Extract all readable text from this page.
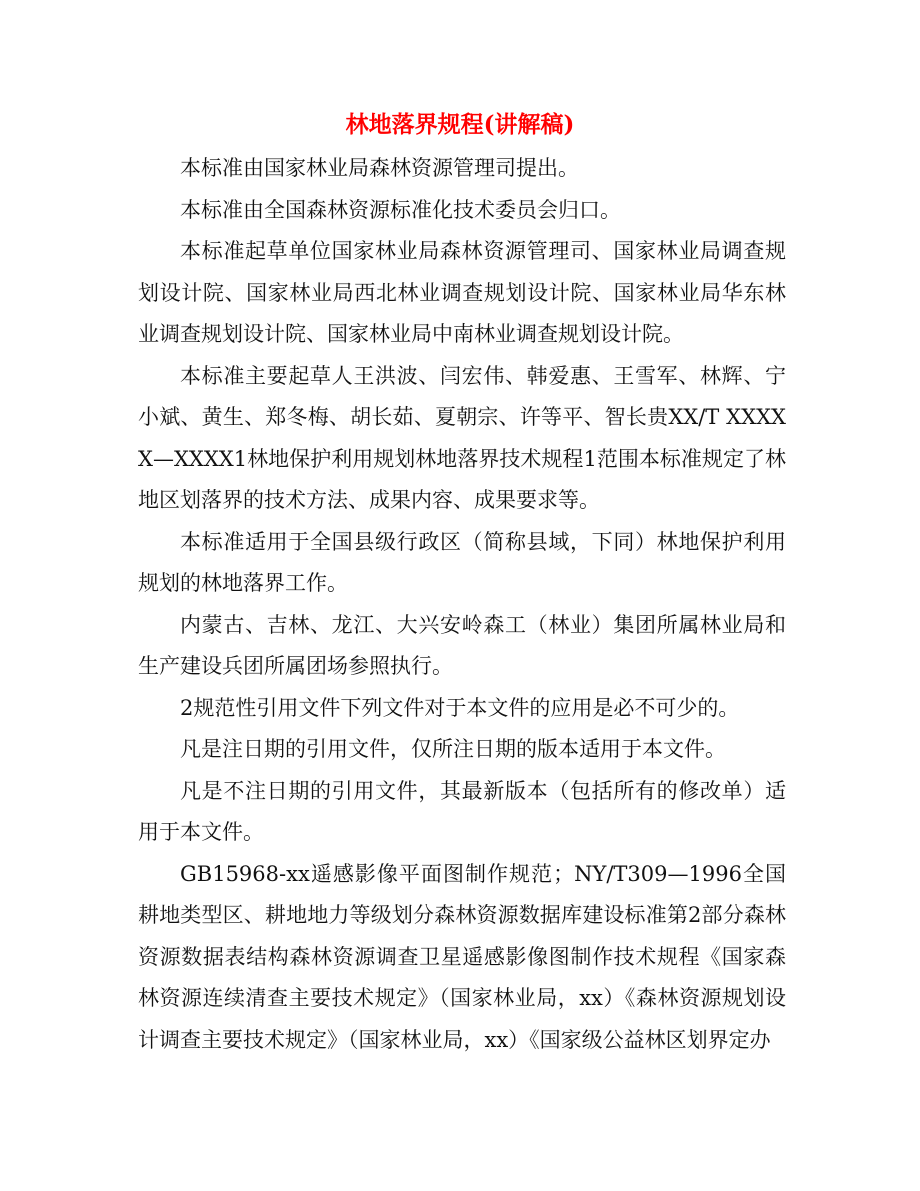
林地落界规程(讲解稿)

本标准由国家林业局森林资源管理司提出。

本标准由全国森林资源标准化技术委员会归口。

本标准起草单位国家林业局森林资源管理司、国家林业局调查规划设计院、国家林业局西北林业调查规划设计院、国家林业局华东林业调查规划设计院、国家林业局中南林业调查规划设计院。

本标准主要起草人王洪波、闫宏伟、韩爱惠、王雪军、林辉、宁小斌、黄生、郑冬梅、胡长茹、夏朝宗、许等平、智长贵XX/T XXXXX—XXXX1林地保护利用规划林地落界技术规程1范围本标准规定了林地区划落界的技术方法、成果内容、成果要求等。

本标准适用于全国县级行政区（简称县域，下同）林地保护利用规划的林地落界工作。

内蒙古、吉林、龙江、大兴安岭森工（林业）集团所属林业局和生产建设兵团所属团场参照执行。

2规范性引用文件下列文件对于本文件的应用是必不可少的。

凡是注日期的引用文件，仅所注日期的版本适用于本文件。

凡是不注日期的引用文件，其最新版本（包括所有的修改单）适用于本文件。

GB15968-xx遥感影像平面图制作规范；NY/T309—1996全国耕地类型区、耕地地力等级划分森林资源数据库建设标准第2部分森林资源数据表结构森林资源调查卫星遥感影像图制作技术规程《国家森林资源连续清查主要技术规定》（国家林业局，xx）《森林资源规划设计调查主要技术规定》（国家林业局，xx）《国家级公益林区划界定办
